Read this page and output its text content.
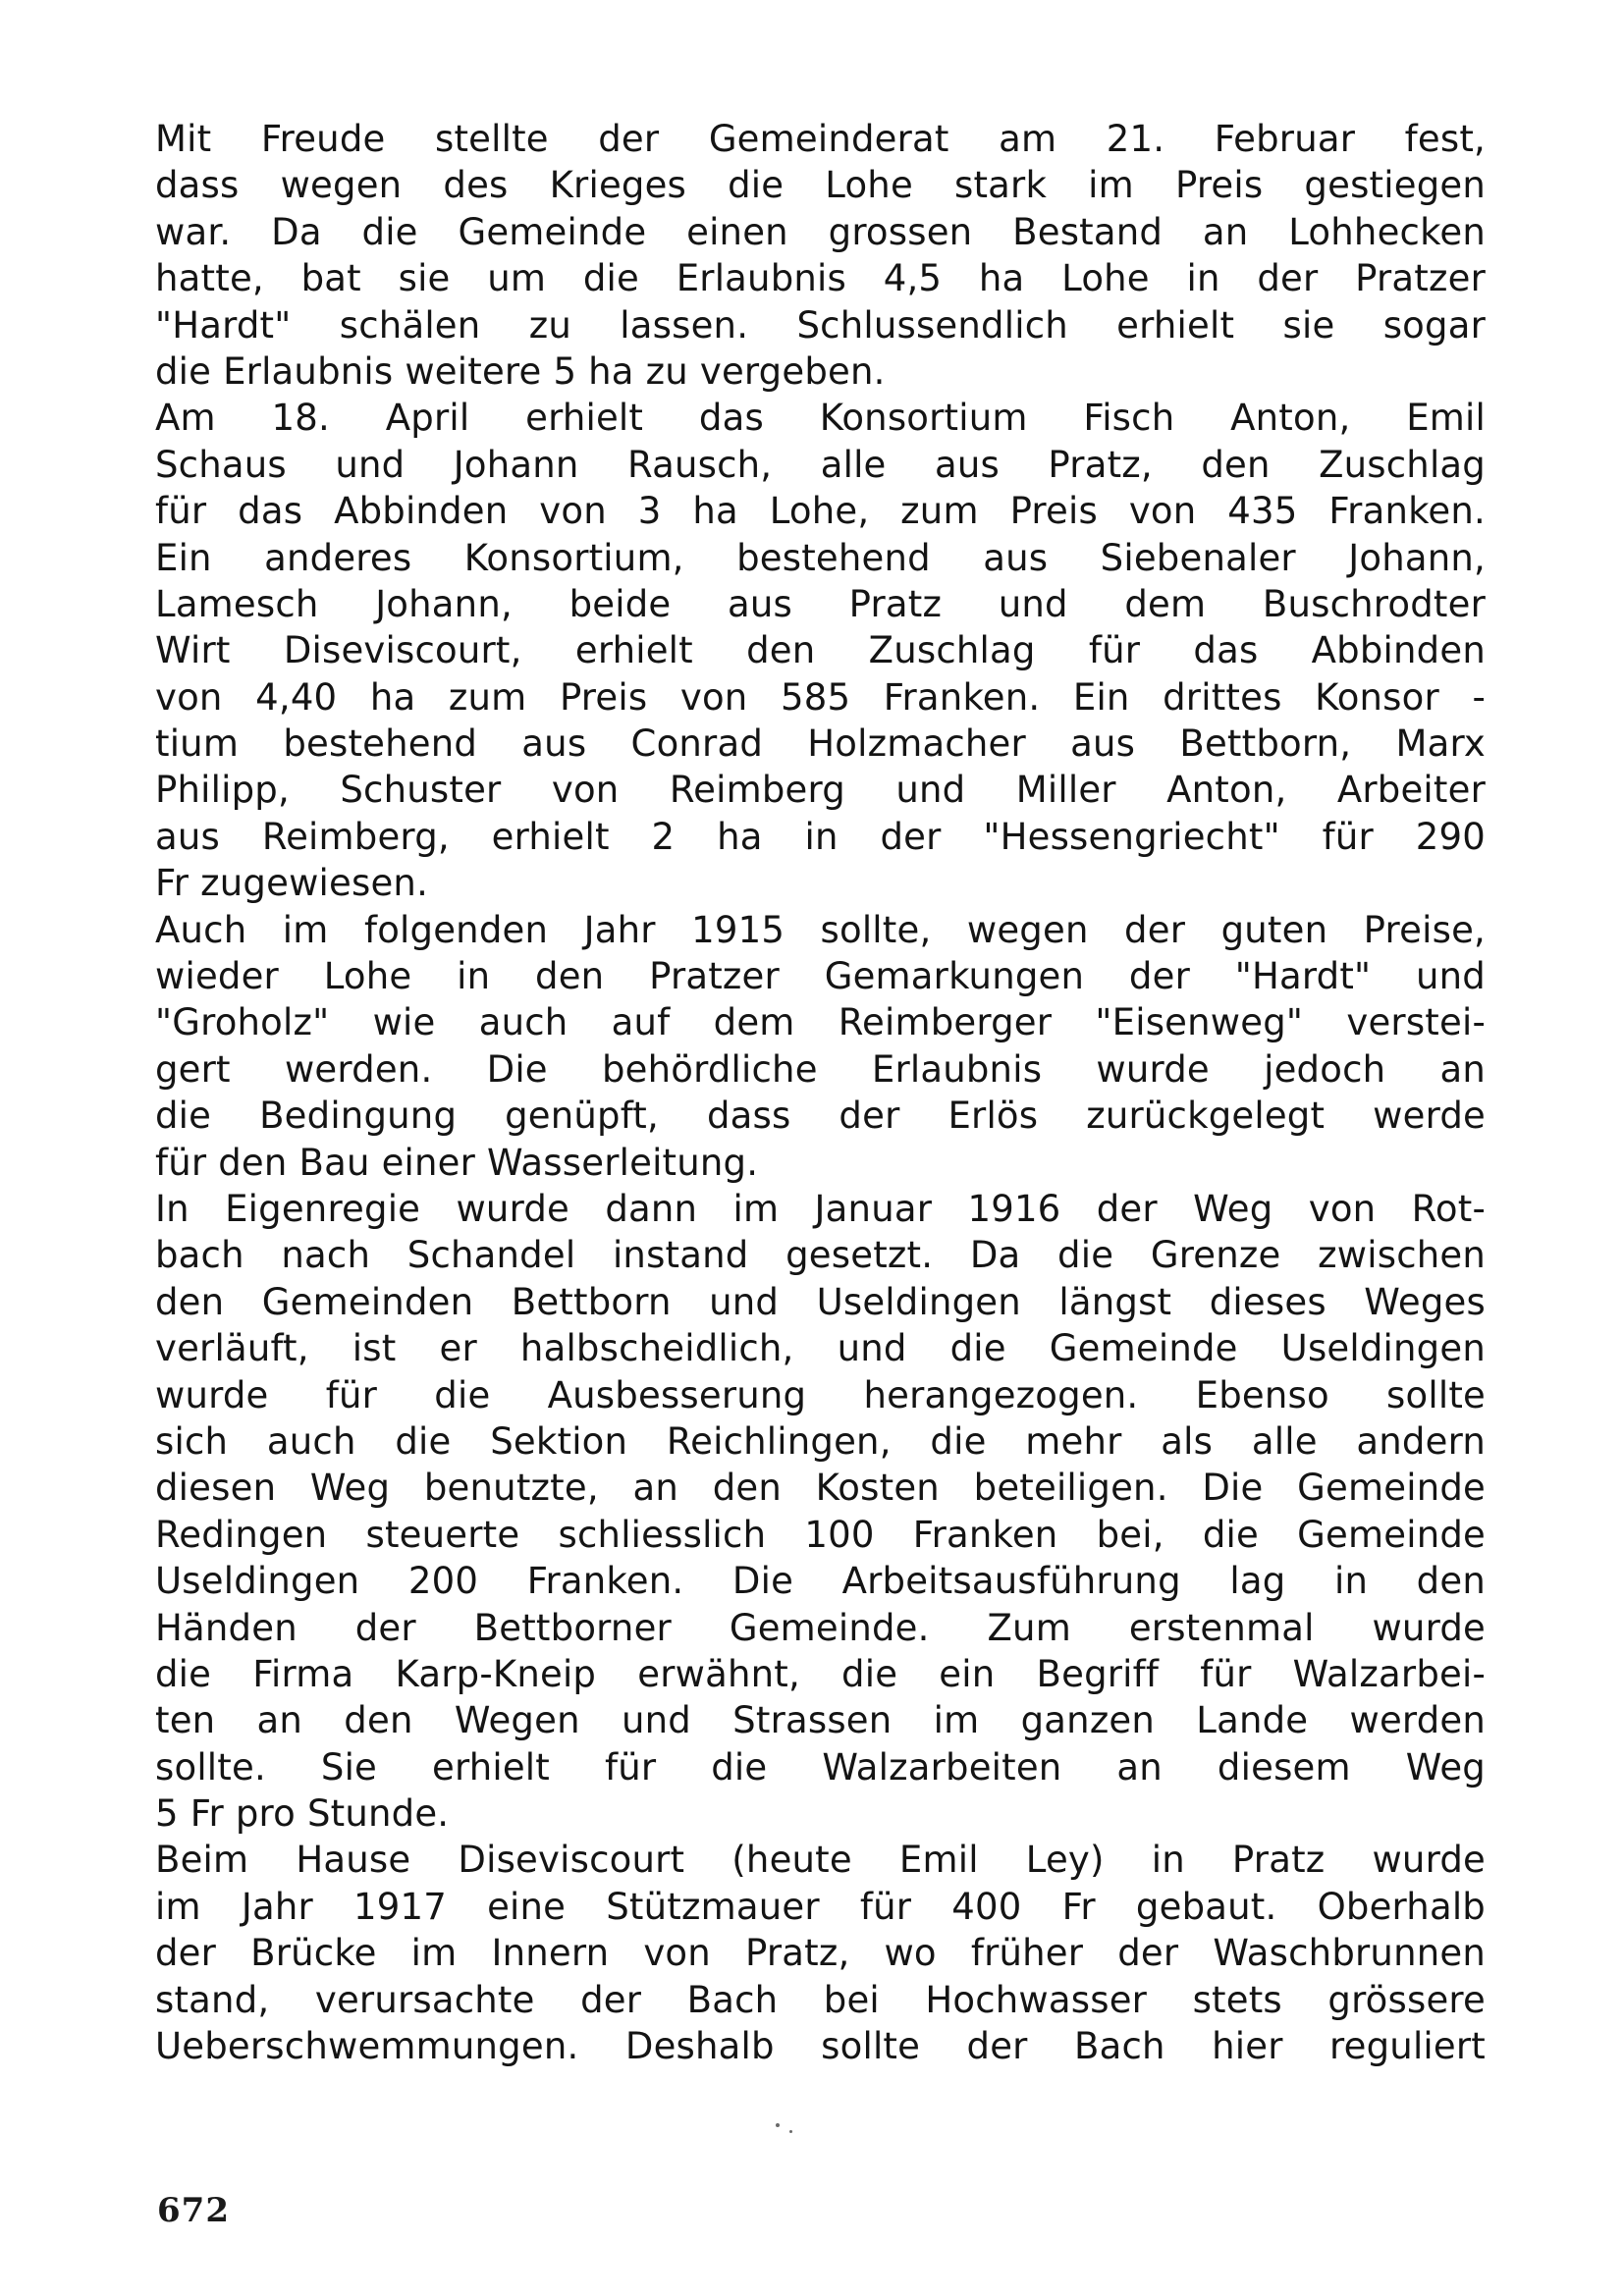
Mit Freude stellte der Gemeinderat am 21. Februar fest,
dass wegen des Krieges die Lohe stark im Preis gestiegen
war. Da die Gemeinde einen grossen Bestand an Lohhecken
hatte, bat sie um die Erlaubnis 4,5 ha Lohe in der Pratzer
"Hardt" schälen zu lassen. Schlussendlich erhielt sie sogar
die Erlaubnis weitere 5 ha zu vergeben.
Am 18. April erhielt das Konsortium Fisch Anton, Emil
Schaus und Johann Rausch, alle aus Pratz, den Zuschlag
für das Abbinden von 3 ha Lohe, zum Preis von 435 Franken.
Ein anderes Konsortium, bestehend aus Siebenaler Johann,
Lamesch Johann, beide aus Pratz und dem Buschrodter
Wirt Diseviscourt, erhielt den Zuschlag für das Abbinden
von 4,40 ha zum Preis von 585 Franken. Ein drittes Konsor -
tium bestehend aus Conrad Holzmacher aus Bettborn, Marx
Philipp, Schuster von Reimberg und Miller Anton, Arbeiter
aus Reimberg, erhielt 2 ha in der "Hessengriecht" für 290
Fr zugewiesen.
Auch im folgenden Jahr 1915 sollte, wegen der guten Preise,
wieder Lohe in den Pratzer Gemarkungen der "Hardt" und
"Groholz" wie auch auf dem Reimberger "Eisenweg" verstei-
gert werden. Die behördliche Erlaubnis wurde jedoch an
die Bedingung genüpft, dass der Erlös zurückgelegt werde
für den Bau einer Wasserleitung.
In Eigenregie wurde dann im Januar 1916 der Weg von Rot-
bach nach Schandel instand gesetzt. Da die Grenze zwischen
den Gemeinden Bettborn und Useldingen längst dieses Weges
verläuft, ist er halbscheidlich, und die Gemeinde Useldingen
wurde für die Ausbesserung herangezogen. Ebenso sollte
sich auch die Sektion Reichlingen, die mehr als alle andern
diesen Weg benutzte, an den Kosten beteiligen. Die Gemeinde
Redingen steuerte schliesslich 100 Franken bei, die Gemeinde
Useldingen 200 Franken. Die Arbeitsausführung lag in den
Händen der Bettborner Gemeinde. Zum erstenmal wurde
die Firma Karp-Kneip erwähnt, die ein Begriff für Walzarbei-
ten an den Wegen und Strassen im ganzen Lande werden
sollte. Sie erhielt für die Walzarbeiten an diesem Weg
5 Fr pro Stunde.
Beim Hause Diseviscourt (heute Emil Ley) in Pratz wurde
im Jahr 1917 eine Stützmauer für 400 Fr gebaut. Oberhalb
der Brücke im Innern von Pratz, wo früher der Waschbrunnen
stand, verursachte der Bach bei Hochwasser stets grössere
Ueberschwemmungen. Deshalb sollte der Bach hier reguliert
672
